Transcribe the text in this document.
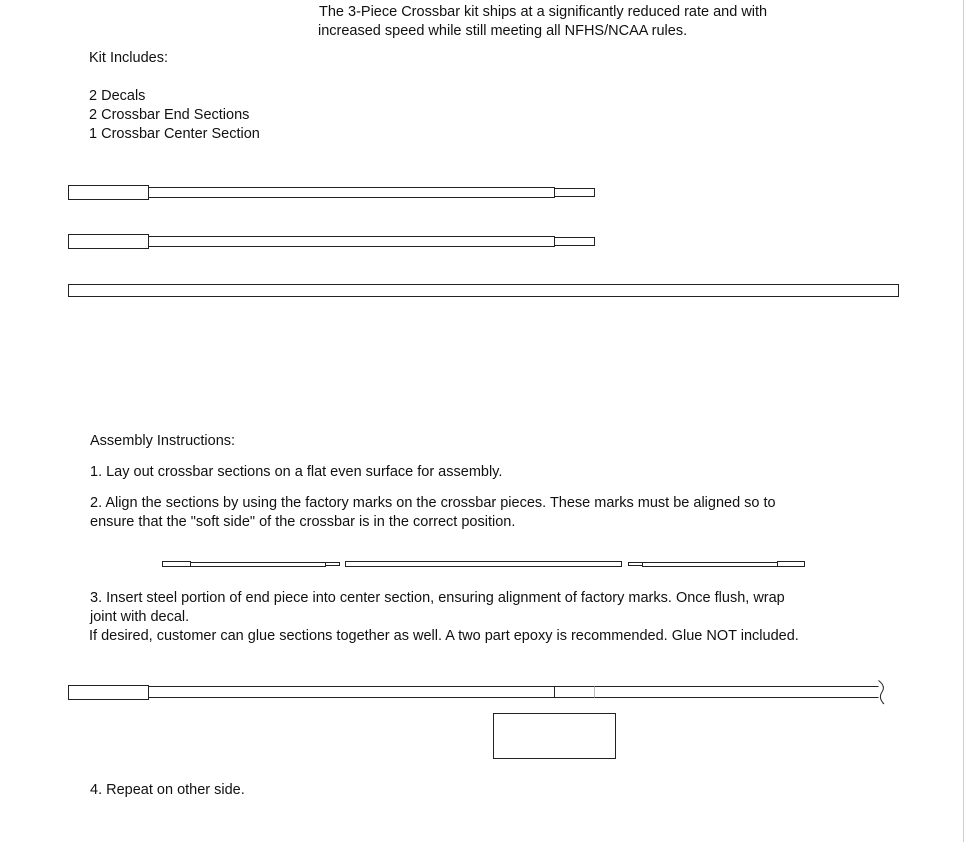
The 3-Piece Crossbar kit ships at a significantly reduced rate and with

increased speed while still meeting all NFHS/NCAA rules.

Kit Includes:

2 Decals

2 Crossbar End Sections

1 Crossbar Center Section

Assembly Instructions:

1. Lay out crossbar sections on a flat even surface for assembly.

2. Align the sections by using the factory marks on the crossbar pieces. These marks must be aligned so to

ensure that the "soft side" of the crossbar is in the correct position.

3. Insert steel portion of end piece into center section, ensuring alignment of factory marks. Once flush, wrap

joint with decal.

If desired, customer can glue sections together as well. A two part epoxy is recommended. Glue NOT included.

4. Repeat on other side.
